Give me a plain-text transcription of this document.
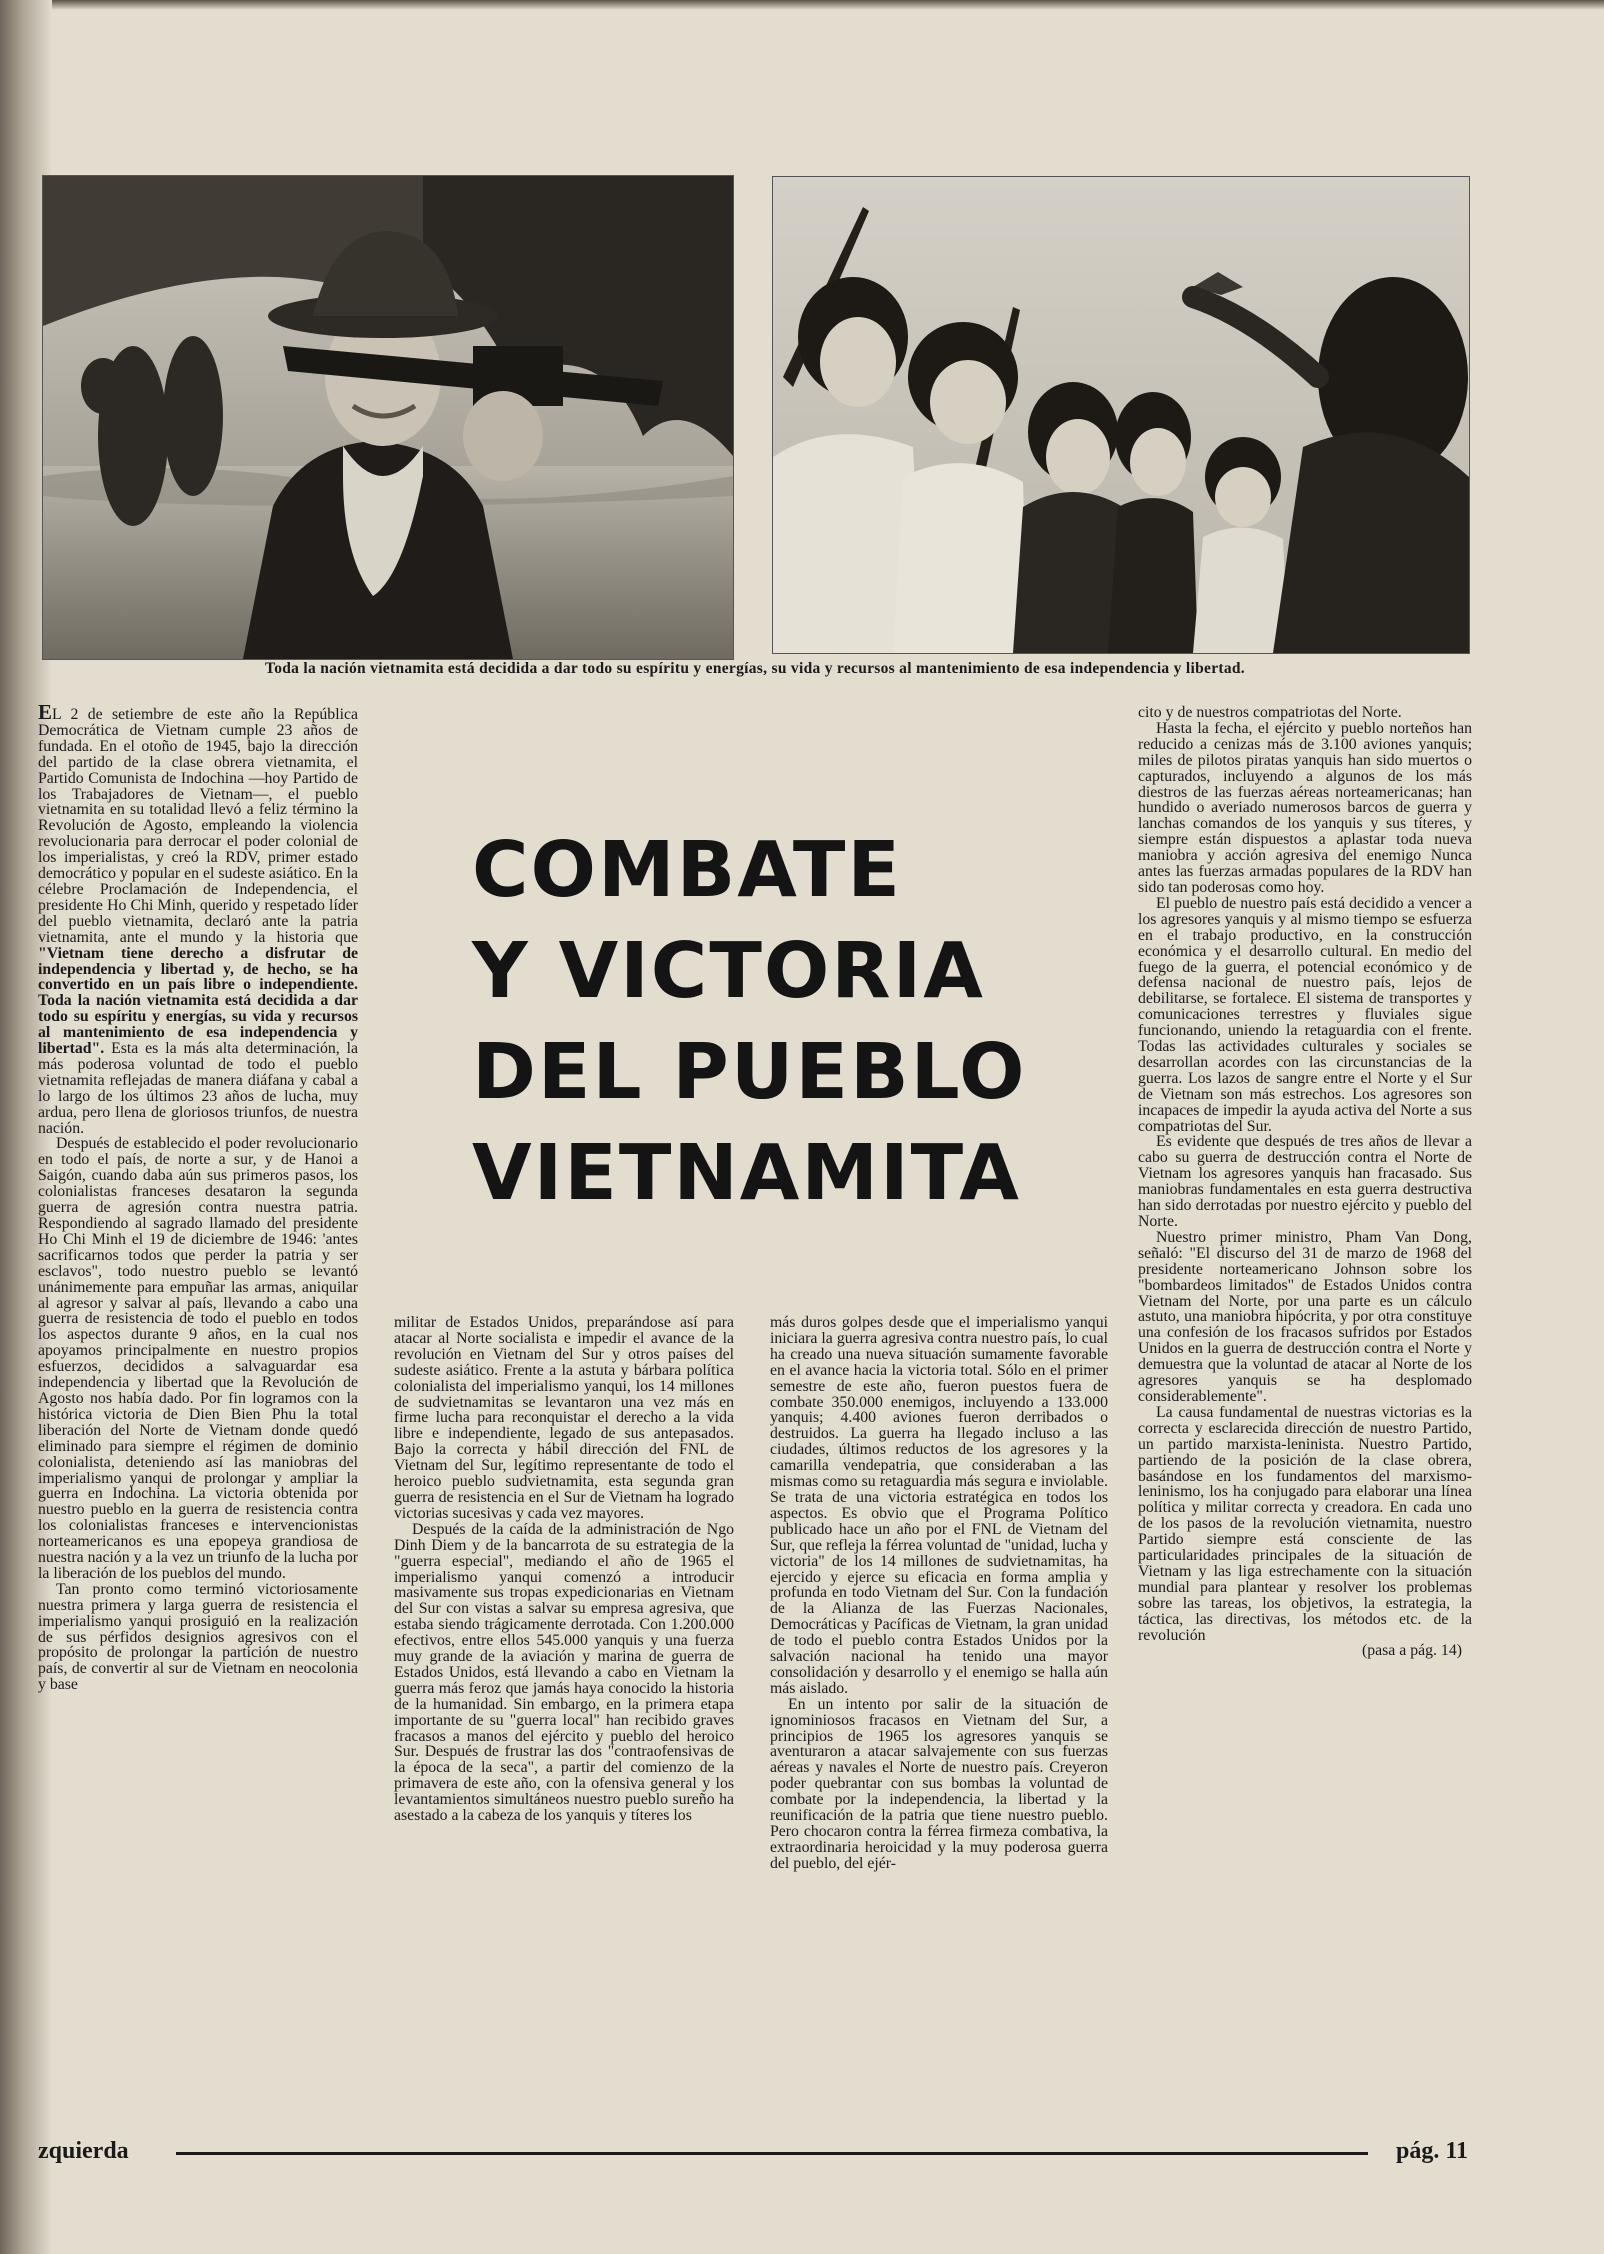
Toda la nación vietnamita está decidida a dar todo su espíritu y energías, su vida y recursos al mantenimiento de esa independencia y libertad.

EL 2 de setiembre de este año la República Democrática de Vietnam cumple 23 años de fundada. En el otoño de 1945, bajo la dirección del partido de la clase obrera vietnamita, el Partido Comunista de Indochina —hoy Partido de los Trabajadores de Vietnam—, el pueblo vietnamita en su totalidad llevó a feliz término la Revolución de Agosto, empleando la violencia revolucionaria para derrocar el poder colonial de los imperialistas, y creó la RDV, primer estado democrático y popular en el sudeste asiático. En la célebre Proclamación de Independencia, el presidente Ho Chi Minh, querido y respetado líder del pueblo vietnamita, declaró ante la patria vietnamita, ante el mundo y la historia que "Vietnam tiene derecho a disfrutar de independencia y libertad y, de hecho, se ha convertido en un país libre o independiente. Toda la nación vietnamita está decidida a dar todo su espíritu y energías, su vida y recursos al mantenimiento de esa independencia y libertad". Esta es la más alta determinación, la más poderosa voluntad de todo el pueblo vietnamita reflejadas de manera diáfana y cabal a lo largo de los últimos 23 años de lucha, muy ardua, pero llena de gloriosos triunfos, de nuestra nación.

Después de establecido el poder revolucionario en todo el país, de norte a sur, y de Hanoi a Saigón, cuando daba aún sus primeros pasos, los colonialistas franceses desataron la segunda guerra de agresión contra nuestra patria. Respondiendo al sagrado llamado del presidente Ho Chi Minh el 19 de diciembre de 1946: 'antes sacrificarnos todos que perder la patria y ser esclavos", todo nuestro pueblo se levantó unánimemente para empuñar las armas, aniquilar al agresor y salvar al país, llevando a cabo una guerra de resistencia de todo el pueblo en todos los aspectos durante 9 años, en la cual nos apoyamos principalmente en nuestro propios esfuerzos, decididos a salvaguardar esa independencia y libertad que la Revolución de Agosto nos había dado. Por fin logramos con la histórica victoria de Dien Bien Phu la total liberación del Norte de Vietnam donde quedó eliminado para siempre el régimen de dominio colonialista, deteniendo así las maniobras del imperialismo yanqui de prolongar y ampliar la guerra en Indochina. La victoria obtenida por nuestro pueblo en la guerra de resistencia contra los colonialistas franceses e intervencionistas norteamericanos es una epopeya grandiosa de nuestra nación y a la vez un triunfo de la lucha por la liberación de los pueblos del mundo.

Tan pronto como terminó victoriosamente nuestra primera y larga guerra de resistencia el imperialismo yanqui prosiguió en la realización de sus pérfidos designios agresivos con el propósito de prolongar la partición de nuestro país, de convertir al sur de Vietnam en neocolonia y base

COMBATE
Y VICTORIA
DEL PUEBLO
VIETNAMITA

militar de Estados Unidos, preparándose así para atacar al Norte socialista e impedir el avance de la revolución en Vietnam del Sur y otros países del sudeste asiático. Frente a la astuta y bárbara política colonialista del imperialismo yanqui, los 14 millones de sudvietnamitas se levantaron una vez más en firme lucha para reconquistar el derecho a la vida libre e independiente, legado de sus antepasados. Bajo la correcta y hábil dirección del FNL de Vietnam del Sur, legítimo representante de todo el heroico pueblo sudvietnamita, esta segunda gran guerra de resistencia en el Sur de Vietnam ha logrado victorias sucesivas y cada vez mayores.

Después de la caída de la administración de Ngo Dinh Diem y de la bancarrota de su estrategia de la "guerra especial", mediando el año de 1965 el imperialismo yanqui comenzó a introducir masivamente sus tropas expedicionarias en Vietnam del Sur con vistas a salvar su empresa agresiva, que estaba siendo trágicamente derrotada. Con 1.200.000 efectivos, entre ellos 545.000 yanquis y una fuerza muy grande de la aviación y marina de guerra de Estados Unidos, está llevando a cabo en Vietnam la guerra más feroz que jamás haya conocido la historia de la humanidad. Sin embargo, en la primera etapa importante de su "guerra local" han recibido graves fracasos a manos del ejército y pueblo del heroico Sur. Después de frustrar las dos "contraofensivas de la época de la seca", a partir del comienzo de la primavera de este año, con la ofensiva general y los levantamientos simultáneos nuestro pueblo sureño ha asestado a la cabeza de los yanquis y títeres los

más duros golpes desde que el imperialismo yanqui iniciara la guerra agresiva contra nuestro país, lo cual ha creado una nueva situación sumamente favorable en el avance hacia la victoria total. Sólo en el primer semestre de este año, fueron puestos fuera de combate 350.000 enemigos, incluyendo a 133.000 yanquis; 4.400 aviones fueron derribados o destruidos. La guerra ha llegado incluso a las ciudades, últimos reductos de los agresores y la camarilla vendepatria, que consideraban a las mismas como su retaguardia más segura e inviolable. Se trata de una victoria estratégica en todos los aspectos. Es obvio que el Programa Político publicado hace un año por el FNL de Vietnam del Sur, que refleja la férrea voluntad de "unidad, lucha y victoria" de los 14 millones de sudvietnamitas, ha ejercido y ejerce su eficacia en forma amplia y profunda en todo Vietnam del Sur. Con la fundación de la Alianza de las Fuerzas Nacionales, Democráticas y Pacíficas de Vietnam, la gran unidad de todo el pueblo contra Estados Unidos por la salvación nacional ha tenido una mayor consolidación y desarrollo y el enemigo se halla aún más aislado.

En un intento por salir de la situación de ignominiosos fracasos en Vietnam del Sur, a principios de 1965 los agresores yanquis se aventuraron a atacar salvajemente con sus fuerzas aéreas y navales el Norte de nuestro país. Creyeron poder quebrantar con sus bombas la voluntad de combate por la independencia, la libertad y la reunificación de la patria que tiene nuestro pueblo. Pero chocaron contra la férrea firmeza combativa, la extraordinaria heroicidad y la muy poderosa guerra del pueblo, del ejér-

cito y de nuestros compatriotas del Norte.

Hasta la fecha, el ejército y pueblo norteños han reducido a cenizas más de 3.100 aviones yanquis; miles de pilotos piratas yanquis han sido muertos o capturados, incluyendo a algunos de los más diestros de las fuerzas aéreas norteamericanas; han hundido o averiado numerosos barcos de guerra y lanchas comandos de los yanquis y sus títeres, y siempre están dispuestos a aplastar toda nueva maniobra y acción agresiva del enemigo Nunca antes las fuerzas armadas populares de la RDV han sido tan poderosas como hoy.

El pueblo de nuestro país está decidido a vencer a los agresores yanquis y al mismo tiempo se esfuerza en el trabajo productivo, en la construcción económica y el desarrollo cultural. En medio del fuego de la guerra, el potencial económico y de defensa nacional de nuestro país, lejos de debilitarse, se fortalece. El sistema de transportes y comunicaciones terrestres y fluviales sigue funcionando, uniendo la retaguardia con el frente. Todas las actividades culturales y sociales se desarrollan acordes con las circunstancias de la guerra. Los lazos de sangre entre el Norte y el Sur de Vietnam son más estrechos. Los agresores son incapaces de impedir la ayuda activa del Norte a sus compatriotas del Sur.

Es evidente que después de tres años de llevar a cabo su guerra de destrucción contra el Norte de Vietnam los agresores yanquis han fracasado. Sus maniobras fundamentales en esta guerra destructiva han sido derrotadas por nuestro ejército y pueblo del Norte.

Nuestro primer ministro, Pham Van Dong, señaló: "El discurso del 31 de marzo de 1968 del presidente norteamericano Johnson sobre los "bombardeos limitados" de Estados Unidos contra Vietnam del Norte, por una parte es un cálculo astuto, una maniobra hipócrita, y por otra constituye una confesión de los fracasos sufridos por Estados Unidos en la guerra de destrucción contra el Norte y demuestra que la voluntad de atacar al Norte de los agresores yanquis se ha desplomado considerablemente".

La causa fundamental de nuestras victorias es la correcta y esclarecida dirección de nuestro Partido, un partido marxista-leninista. Nuestro Partido, partiendo de la posición de la clase obrera, basándose en los fundamentos del marxismo-leninismo, los ha conjugado para elaborar una línea política y militar correcta y creadora. En cada uno de los pasos de la revolución vietnamita, nuestro Partido siempre está consciente de las particularidades principales de la situación de Vietnam y las liga estrechamente con la situación mundial para plantear y resolver los problemas sobre las tareas, los objetivos, la estrategia, la táctica, las directivas, los métodos etc. de la revolución

(pasa a pág. 14)

zquierda	pág. 11
